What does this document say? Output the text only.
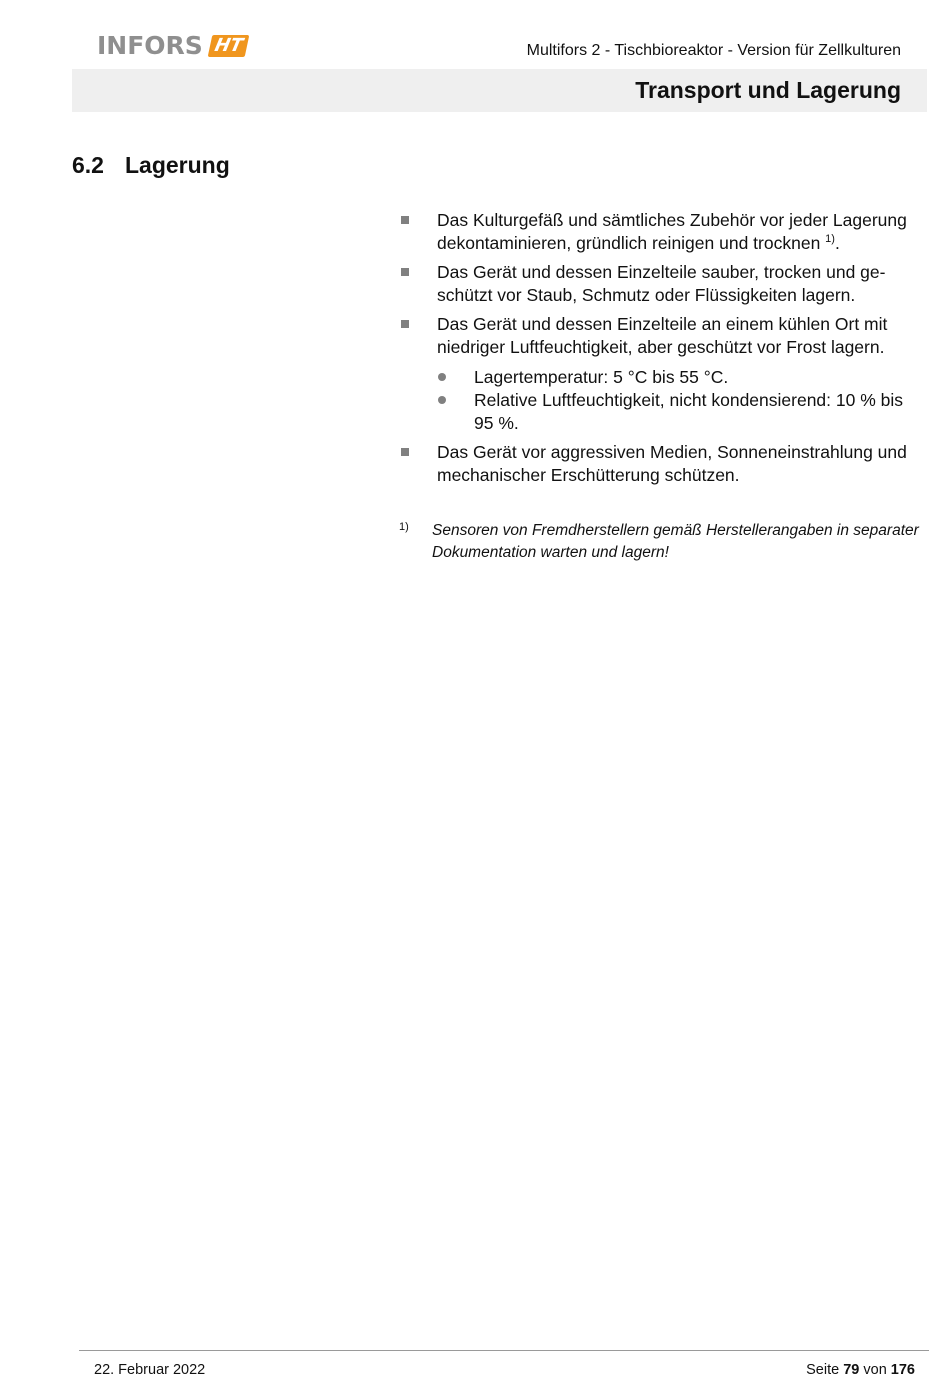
INFORS HT	Multifors 2 - Tischbioreaktor - Version für Zellkulturen
Transport und Lagerung
6.2 Lagerung
Das Kulturgefäß und sämtliches Zubehör vor jeder Lagerung dekontaminieren, gründlich reinigen und trocknen $^{1)}$.
Das Gerät und dessen Einzelteile sauber, trocken und geschützt vor Staub, Schmutz oder Flüssigkeiten lagern.
Das Gerät und dessen Einzelteile an einem kühlen Ort mit niedriger Luftfeuchtigkeit, aber geschützt vor Frost lagern.
Lagertemperatur: 5 °C bis 55 °C.
Relative Luftfeuchtigkeit, nicht kondensierend: 10 % bis 95 %.
Das Gerät vor aggressiven Medien, Sonneneinstrahlung und mechanischer Erschütterung schützen.
1)	Sensoren von Fremdherstellern gemäß Herstellerangaben in separater Dokumentation warten und lagern!
22. Februar 2022	Seite 79 von 176
